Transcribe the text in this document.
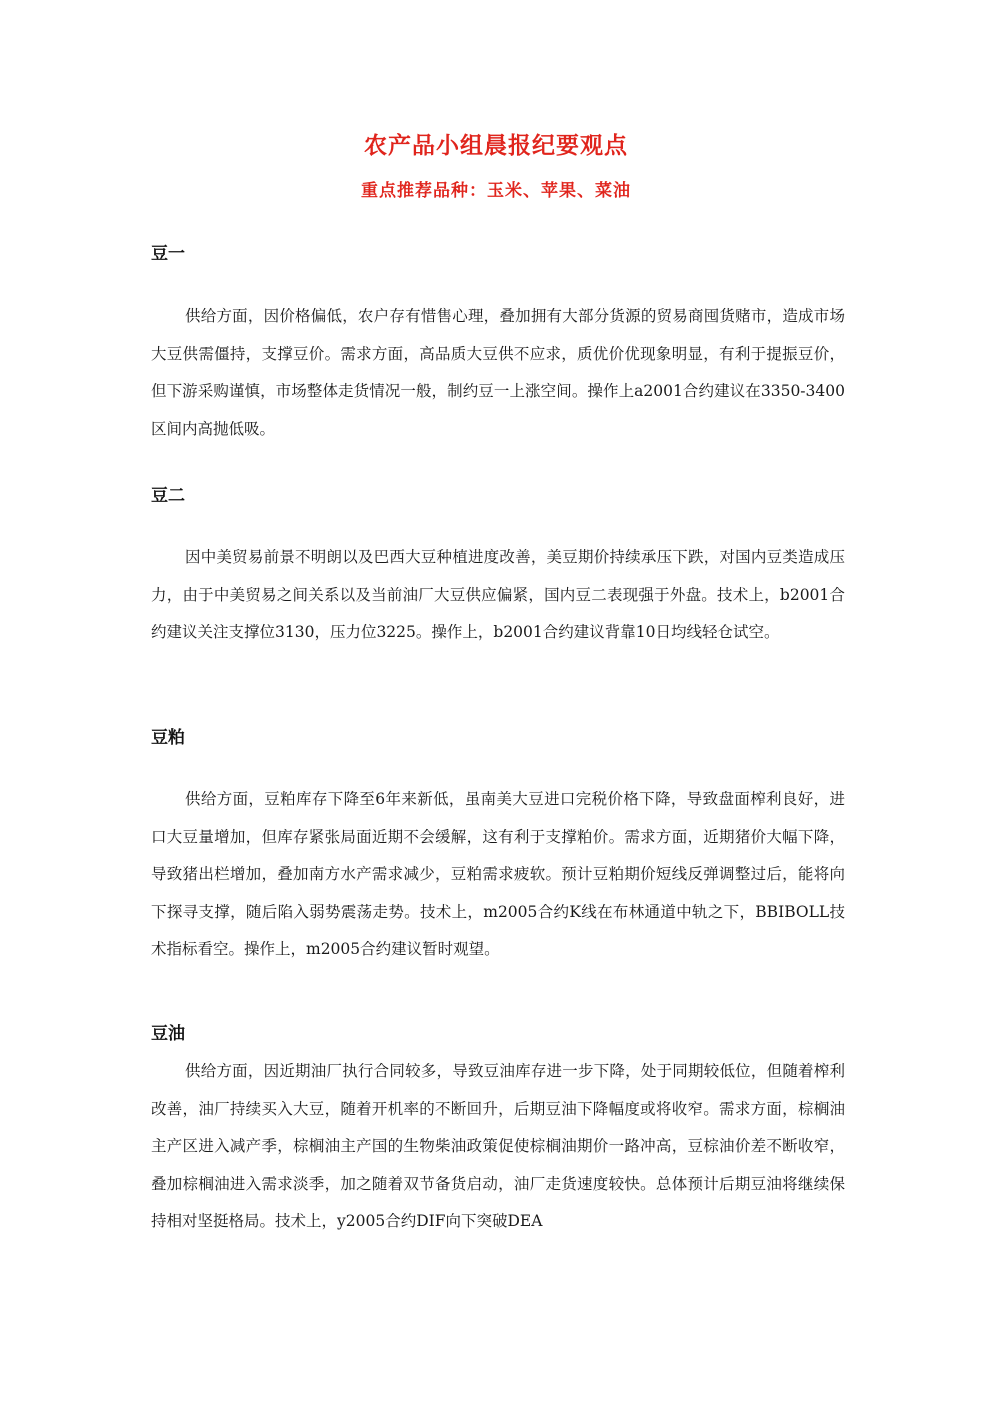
农产品小组晨报纪要观点
重点推荐品种：玉米、苹果、菜油
豆一

供给方面，因价格偏低，农户存有惜售心理，叠加拥有大部分货源的贸易商囤货赌市，造成市场大豆供需僵持，支撑豆价。需求方面，高品质大豆供不应求，质优价优现象明显，有利于提振豆价，但下游采购谨慎，市场整体走货情况一般，制约豆一上涨空间。操作上a2001合约建议在3350-3400区间内高抛低吸。

豆二

因中美贸易前景不明朗以及巴西大豆种植进度改善，美豆期价持续承压下跌，对国内豆类造成压力，由于中美贸易之间关系以及当前油厂大豆供应偏紧，国内豆二表现强于外盘。技术上，b2001合约建议关注支撑位3130，压力位3225。操作上，b2001合约建议背靠10日均线轻仓试空。

豆粕

供给方面，豆粕库存下降至6年来新低，虽南美大豆进口完税价格下降，导致盘面榨利良好，进口大豆量增加，但库存紧张局面近期不会缓解，这有利于支撑粕价。需求方面，近期猪价大幅下降，导致猪出栏增加，叠加南方水产需求减少，豆粕需求疲软。预计豆粕期价短线反弹调整过后，能将向下探寻支撑，随后陷入弱势震荡走势。技术上，m2005合约K线在布林通道中轨之下，BBIBOLL技术指标看空。操作上，m2005合约建议暂时观望。

豆油

供给方面，因近期油厂执行合同较多，导致豆油库存进一步下降，处于同期较低位，但随着榨利改善，油厂持续买入大豆，随着开机率的不断回升，后期豆油下降幅度或将收窄。需求方面，棕榈油主产区进入减产季，棕榈油主产国的生物柴油政策促使棕榈油期价一路冲高，豆棕油价差不断收窄，叠加棕榈油进入需求淡季，加之随着双节备货启动，油厂走货速度较快。总体预计后期豆油将继续保持相对坚挺格局。技术上，y2005合约DIF向下突破DEA
